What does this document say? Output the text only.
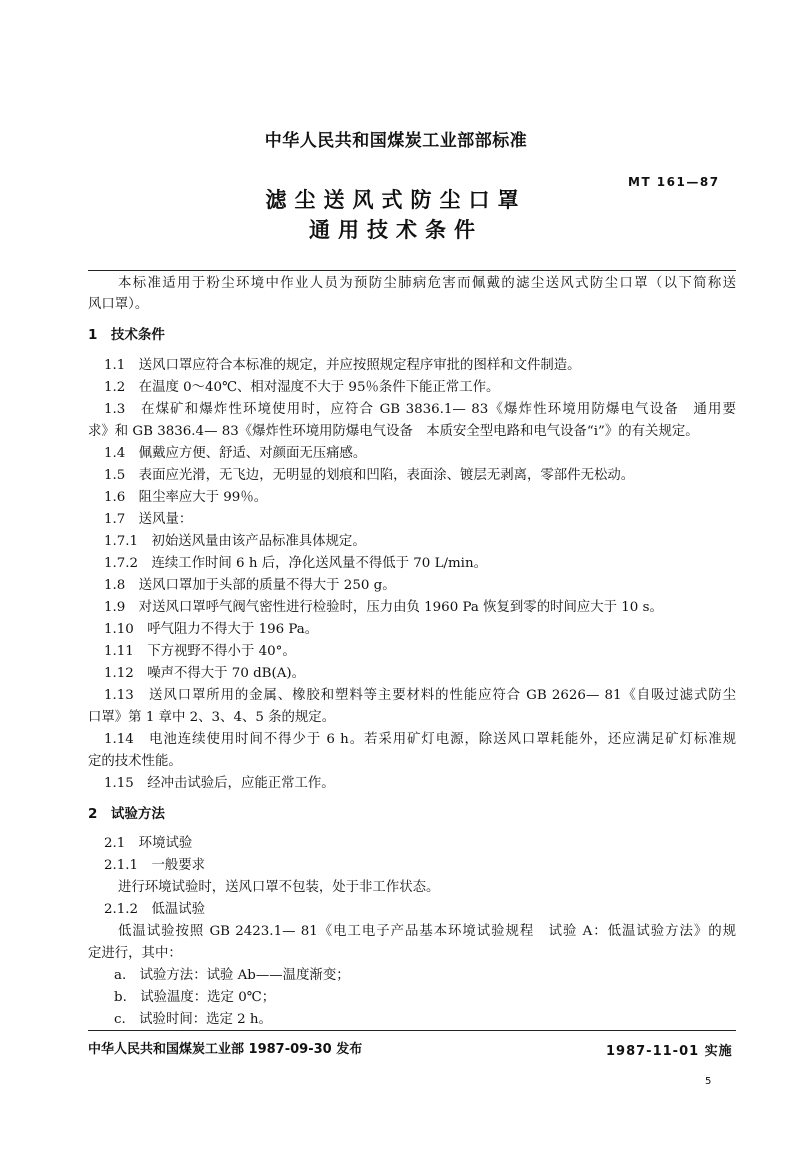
中华人民共和国煤炭工业部部标准
MT 161—87
滤尘送风式防尘口罩
通用技术条件
本标准适用于粉尘环境中作业人员为预防尘肺病危害而佩戴的滤尘送风式防尘口罩（以下简称送
风口罩）。
1　技术条件
1.1　送风口罩应符合本标准的规定，并应按照规定程序审批的图样和文件制造。
1.2　在温度 0～40℃、相对湿度不大于 95％条件下能正常工作。
1.3　在煤矿和爆炸性环境使用时，应符合 GB 3836.1— 83《爆炸性环境用防爆电气设备　通用要
求》和 GB 3836.4— 83《爆炸性环境用防爆电气设备　本质安全型电路和电气设备“i”》的有关规定。
1.4　佩戴应方便、舒适、对颜面无压痛感。
1.5　表面应光滑，无飞边，无明显的划痕和凹陷，表面涂、镀层无剥离，零部件无松动。
1.6　阻尘率应大于 99％。
1.7　送风量：
1.7.1　初始送风量由该产品标准具体规定。
1.7.2　连续工作时间 6 h 后，净化送风量不得低于 70 L/min。
1.8　送风口罩加于头部的质量不得大于 250 g。
1.9　对送风口罩呼气阀气密性进行检验时，压力由负 1960 Pa 恢复到零的时间应大于 10 s。
1.10　呼气阻力不得大于 196 Pa。
1.11　下方视野不得小于 40°。
1.12　噪声不得大于 70 dB(A)。
1.13　送风口罩所用的金属、橡胶和塑料等主要材料的性能应符合 GB 2626— 81《自吸过滤式防尘
口罩》第 1 章中 2、3、4、5 条的规定。
1.14　电池连续使用时间不得少于 6 h。若采用矿灯电源，除送风口罩耗能外，还应满足矿灯标准规
定的技术性能。
1.15　经冲击试验后，应能正常工作。
2　试验方法
2.1　环境试验
2.1.1　一般要求
进行环境试验时，送风口罩不包装，处于非工作状态。
2.1.2　低温试验
低温试验按照 GB 2423.1— 81《电工电子产品基本环境试验规程　试验 A：低温试验方法》的规
定进行，其中：
a.　试验方法：试验 Ab——温度渐变；
b.　试验温度：选定 0℃；
c.　试验时间：选定 2 h。
中华人民共和国煤炭工业部 1987-09-30 发布	1987-11-01 实施
5
